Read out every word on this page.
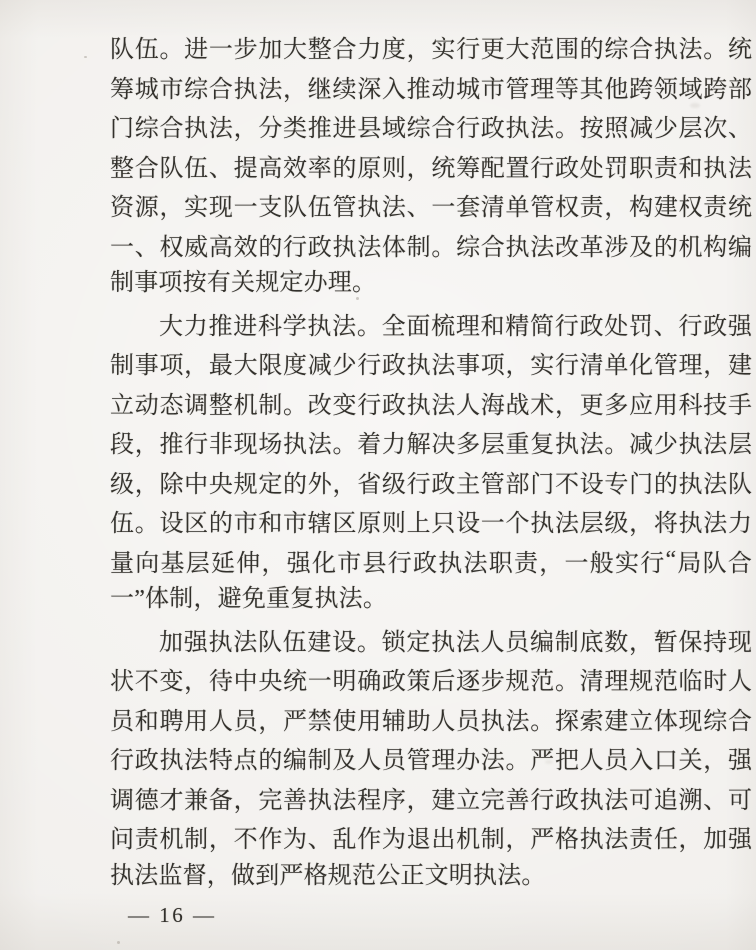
队 伍 。 进 一 步 加 大 整 合 力 度 ， 实 行 更 大 范 围 的 综 合 执 法 。 统
筹 城 市 综 合 执 法 ， 继 续 深 入 推 动 城 市 管 理 等 其 他 跨 领 域 跨 部
门 综 合 执 法 ， 分 类 推 进 县 域 综 合 行 政 执 法 。 按 照 减 少 层 次 、
整 合 队 伍 、 提 高 效 率 的 原 则 ， 统 筹 配 置 行 政 处 罚 职 责 和 执 法
资 源 ， 实 现 一 支 队 伍 管 执 法 、 一 套 清 单 管 权 责 ， 构 建 权 责 统
一 、 权 威 高 效 的 行 政 执 法 体 制 。 综 合 执 法 改 革 涉 及 的 机 构 编
制事项按有关规定办理。
大 力 推 进 科 学 执 法 。 全 面 梳 理 和 精 简 行 政 处 罚 、 行 政 强
制 事 项 ， 最 大 限 度 减 少 行 政 执 法 事 项 ， 实 行 清 单 化 管 理 ， 建
立 动 态 调 整 机 制 。 改 变 行 政 执 法 人 海 战 术 ， 更 多 应 用 科 技 手
段 ， 推 行 非 现 场 执 法 。 着 力 解 决 多 层 重 复 执 法 。 减 少 执 法 层
级 ， 除 中 央 规 定 的 外 ， 省 级 行 政 主 管 部 门 不 设 专 门 的 执 法 队
伍 。 设 区 的 市 和 市 辖 区 原 则 上 只 设 一 个 执 法 层 级 ， 将 执 法 力
量 向 基 层 延 伸 ， 强 化 市 县 行 政 执 法 职 责 ， 一 般 实 行 “ 局 队 合
一”体制，避免重复执法。
加 强 执 法 队 伍 建 设 。 锁 定 执 法 人 员 编 制 底 数 ， 暂 保 持 现
状 不 变 ， 待 中 央 统 一 明 确 政 策 后 逐 步 规 范 。 清 理 规 范 临 时 人
员 和 聘 用 人 员 ， 严 禁 使 用 辅 助 人 员 执 法 。 探 索 建 立 体 现 综 合
行 政 执 法 特 点 的 编 制 及 人 员 管 理 办 法 。 严 把 人 员 入 口 关 ， 强
调 德 才 兼 备 ， 完 善 执 法 程 序 ， 建 立 完 善 行 政 执 法 可 追 溯 、 可
问 责 机 制 ， 不 作 为 、 乱 作 为 退 出 机 制 ， 严 格 执 法 责 任 ， 加 强
执法监督，做到严格规范公正文明执法。
— 16 —
